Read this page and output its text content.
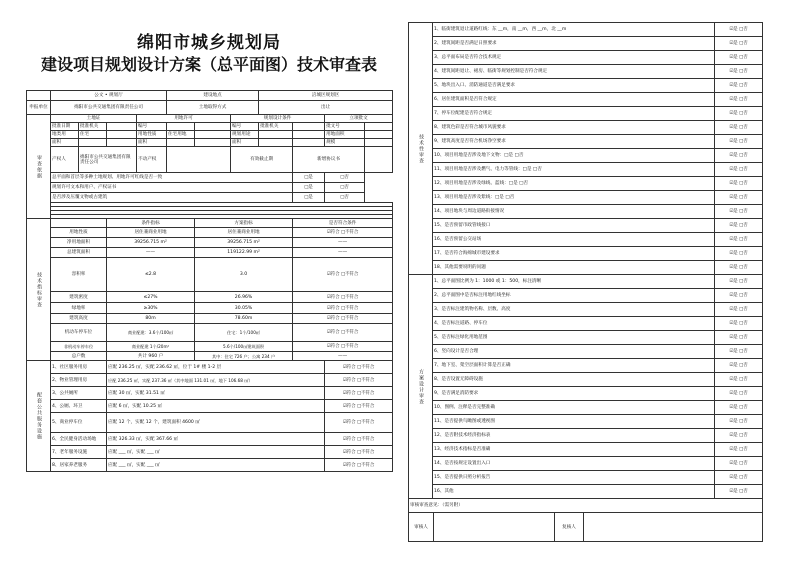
绵阳市城乡规划局
建设项目规划设计方案（总平面图）技术审查表
	公文 • 规划厅				建设地点			涪城区规划区			
申报单位	绵阳市公共交通集团有限责任公司				土地取得方式			出让			
审查依据	土地证			用地许可			规划设计条件			立项批文	
	批准日期	批准机关		编号			编号	批准机关		批文号	
	地类用	住宅		用地性质	住宅用地		规划用途			用地面积	
	面积			面积			面积			规模	
	产权人	绵阳市公共交通集团有限责任公司		不动产权			有效截止期		新增协议书		
	总平面和首层等多种土地规划、用地许可红线是否一致								□是	□否	
	规划许可文本和用户、产权证书								□是	□否	
	是否涉及压覆文物或古建筑								□是	□否	

技术指标审查			条件指标			方案指标			是否符合条件		
	用地性质		居住兼商业用地			居住兼商业用地			☑符合 □不符合		
	净用地面积		39256.715 m²			39256.715 m²			——		
	总建筑面积		——			119122.99 m²			——		
	容积率		≤2.8			3.0			☑符合 □不符合		
	建筑密度		≤27%			26.96%			☑符合 □不符合		
	绿地率		≥30%			30.05%			☑符合 □不符合		
	建筑高度		80m			78.60m			☑符合 □不符合		
	机动车停车位		商业配建：3.6个/100㎡			住宅：1个/100㎡			☑符合 □不符合		
	非机动车停车位		商业配建 1个/20m²			5.6个/100㎡建筑面积			☑符合 □不符合		
	总户数		共计 960 户			其中：住宅 726 户；公寓 234 户			——		
配套公共服务设施	1、社区服务用房		应配 236.25 ㎡，实配 236.62 ㎡，位于 1# 楼 1-2 层							☑符合 □不符合	
	2、物业管理用房		应配 236.25 ㎡，实配 237.36 ㎡（其中地面 131.01 ㎡，地下 106.68 ㎡）							☑符合 □不符合	
	3、公共厕所		应配 30 ㎡，实配 31.51 ㎡							☑符合 □不符合	
	4、公厕、环卫		应配 6 ㎡，实配 10.25 ㎡							☑符合 □不符合	
	5、商业停车位		应配 12 个，实配 12 个，建筑面积 4600 ㎡							☑符合 □不符合	
	6、全民健身活动场地		应配 326.33 ㎡，实配 367.66 ㎡							☑符合 □不符合	
	7、老年服务设施		应配 ___ ㎡，实配 ___ ㎡							☑符合 □不符合	
	8、居家养老服务		应配 ___ ㎡，实配 ___ ㎡							☑符合 □不符合	
技术性审查	1、临街建筑退让道路红线：东 __m，南 __m，西 __m，北 __m	☑是 □否
	2、建筑间距是否满足日照要求	☑是 □否
	3、总平面布局是否符合技术规定	☑是 □否
	4、建筑间距退让、裙房、临街等规划控制是否符合规定	☑是 □否
	5、地块出入口、消防通道是否满足要求	☑是 □否
	6、居住建筑面积是否符合规定	☑是 □否
	7、停车位配建是否符合规定	☑是 □否
	8、建筑色彩是否符合城市风貌要求	☑是 □否
	9、建筑高度是否符合机场净空要求	☑是 □否
	10、项目用地是否涉及地下文物：□是 □否	☑是 □否
	11、项目用地是否涉及燃气、电力等管线：□是 □否	☑是 □否
	12、项目用地是否涉及绿线、蓝线：□是 □否	☑是 □否
	13、项目用地是否涉及紫线：□是 □否	☑是 □否
	14、项目地块与周边道路衔接情况	☑是 □否
	15、是否预留市政管线接口	☑是 □否
	16、是否预留公交站场	☑是 □否
	17、是否符合海绵城市建设要求	☑是 □否
	18、其他需要说明的问题	☑是 □否
方案设计审查	1、总平面图比例为 1：1000 或 1：500，标注清晰	☑是 □否
	2、总平面图中是否标注用地红线坐标	☑是 □否
	3、是否标注建筑物名称、层数、高度	☑是 □否
	4、是否标注道路、停车位	☑是 □否
	5、是否标注绿化用地范围	☑是 □否
	6、竖向设计是否合理	☑是 □否
	7、地下室、架空层面积计算是否正确	☑是 □否
	8、是否设置无障碍设施	☑是 □否
	9、是否满足消防要求	☑是 □否
	10、图例、注释是否完整准确	☑是 □否
	11、是否提供鸟瞰图或透视图	☑是 □否
	12、是否附技术经济指标表	☑是 □否
	13、经济技术指标是否准确	☑是 □否
	14、是否按规定设置出入口	☑是 □否
	15、是否提供日照分析报告	☑是 □否
	16、其他	☑是 □否
审核审查意见：（需另附）		

审核人 复核人		
